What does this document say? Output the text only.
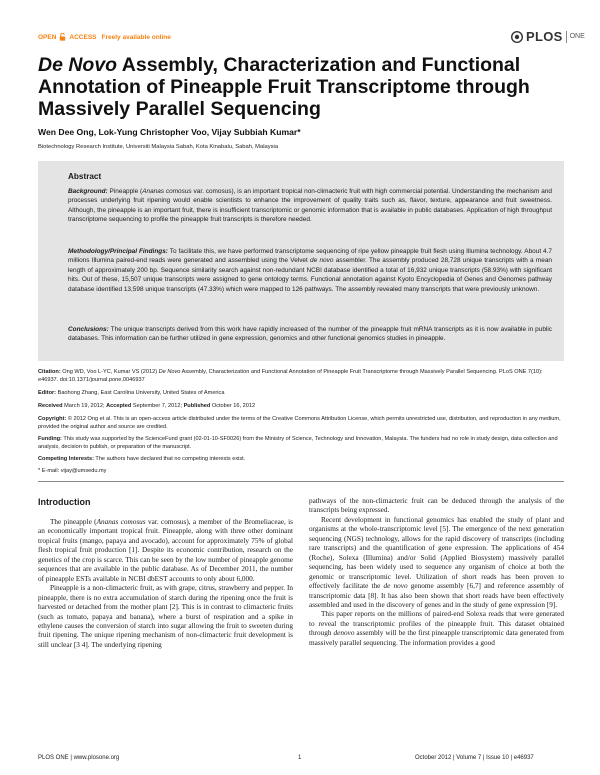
OPEN ACCESS Freely available online	PLOS ONE
De Novo Assembly, Characterization and Functional Annotation of Pineapple Fruit Transcriptome through Massively Parallel Sequencing
Wen Dee Ong, Lok-Yung Christopher Voo, Vijay Subbiah Kumar*
Biotechnology Research Institute, Universiti Malaysia Sabah, Kota Kinabalu, Sabah, Malaysia
Abstract

Background: Pineapple (Ananas comosus var. comosus), is an important tropical non-climacteric fruit with high commercial potential. Understanding the mechanism and processes underlying fruit ripening would enable scientists to enhance the improvement of quality traits such as, flavor, texture, appearance and fruit sweetness. Although, the pineapple is an important fruit, there is insufficient transcriptomic or genomic information that is available in public databases. Application of high throughput transcriptome sequencing to profile the pineapple fruit transcripts is therefore needed.

Methodology/Principal Findings: To facilitate this, we have performed transcriptome sequencing of ripe yellow pineapple fruit flesh using Illumina technology. About 4.7 millions Illumina paired-end reads were generated and assembled using the Velvet de novo assembler. The assembly produced 28,728 unique transcripts with a mean length of approximately 200 bp. Sequence similarity search against non-redundant NCBI database identified a total of 16,932 unique transcripts (58.93%) with significant hits. Out of these, 15,507 unique transcripts were assigned to gene ontology terms. Functional annotation against Kyoto Encyclopedia of Genes and Genomes pathway database identified 13,598 unique transcripts (47.33%) which were mapped to 126 pathways. The assembly revealed many transcripts that were previously unknown.

Conclusions: The unique transcripts derived from this work have rapidly increased of the number of the pineapple fruit mRNA transcripts as it is now available in public databases. This information can be further utilized in gene expression, genomics and other functional genomics studies in pineapple.

Citation: Ong WD, Voo L-YC, Kumar VS (2012) De Novo Assembly, Characterization and Functional Annotation of Pineapple Fruit Transcriptome through Massively Parallel Sequencing. PLoS ONE 7(10): e46937. doi:10.1371/journal.pone.0046937

Editor: Baohong Zhang, East Carolina University, United States of America

Received March 19, 2012; Accepted September 7, 2012; Published October 16, 2012

Copyright: © 2012 Ong et al. This is an open-access article distributed under the terms of the Creative Commons Attribution License, which permits unrestricted use, distribution, and reproduction in any medium, provided the original author and source are credited.

Funding: This study was supported by the ScienceFund grant (02-01-10-SF0026) from the Ministry of Science, Technology and Innovation, Malaysia. The funders had no role in study design, data collection and analysis, decision to publish, or preparation of the manuscript.

Competing Interests: The authors have declared that no competing interests exist.

* E-mail: vijay@umsedu.my

Introduction

The pineapple (Ananas comosus var. comosus), a member of the Bromeliaceae, is an economically important tropical fruit. Pineapple, along with three other dominant tropical fruits (mango, papaya and avocado), account for approximately 75% of global flesh tropical fruit production [1]. Despite its economic contribution, research on the genetics of the crop is scarce. This can be seen by the low number of pineapple genome sequences that are available in the public database. As of December 2011, the number of pineapple ESTs available in NCBI dbEST accounts to only about 6,000.

Pineapple is a non-climacteric fruit, as with grape, citrus, strawberry and pepper. In pineapple, there is no extra accumulation of starch during the ripening once the fruit is harvested or detached from the mother plant [2]. This is in contrast to climacteric fruits (such as tomato, papaya and banana), where a burst of respiration and a spike in ethylene causes the conversion of starch into sugar allowing the fruit to sweeten during fruit ripening. The unique ripening mechanism of non-climacteric fruit development is still unclear [3 4]. The underlying ripening

pathways of the non-climacteric fruit can be deduced through the analysis of the transcripts being expressed.

Recent development in functional genomics has enabled the study of plant and organisms at the whole-transcriptomic level [5]. The emergence of the next generation sequencing (NGS) technology, allows for the rapid discovery of transcripts (including rare transcripts) and the quantification of gene expression. The applications of 454 (Roche), Solexa (Illumina) and/or Solid (Applied Biosystem) massively parallel sequencing, has been widely used to sequence any organism of choice at both the genomic or transcriptomic level. Utilization of short reads has been proven to effectively facilitate the de novo genome assembly [6,7] and reference assembly of transcriptomic data [8]. It has also been shown that short reads have been effectively assembled and used in the discovery of genes and in the study of gene expression [9].

This paper reports on the millions of paired-end Solexa reads that were generated to reveal the transcriptomic profiles of the pineapple fruit. This dataset obtained through denovo assembly will be the first pineapple transcriptomic data generated from massively parallel sequencing. The information provides a good

PLOS ONE | www.plosone.org	1	October 2012 | Volume 7 | Issue 10 | e46937
